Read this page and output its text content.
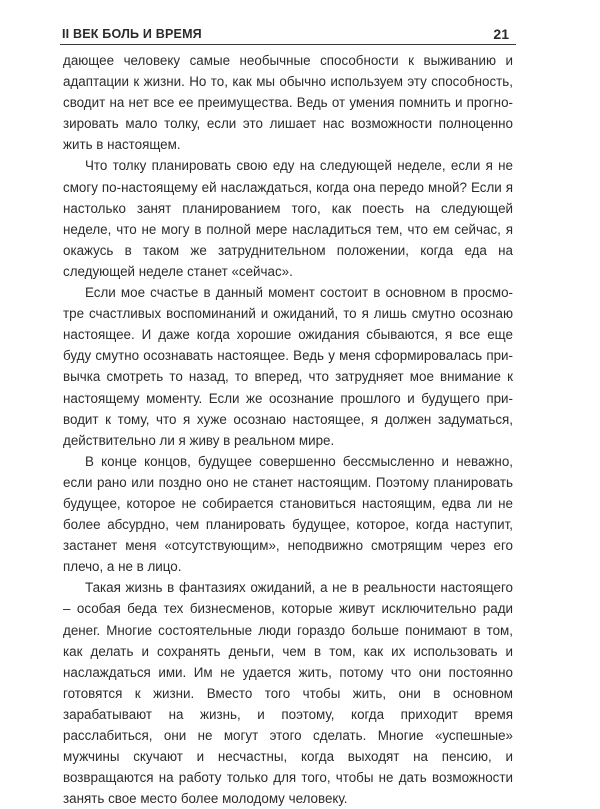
II ВЕК БОЛЬ И ВРЕМЯ	21

дающее человеку самые необычные способности к выживанию и адаптации к жизни. Но то, как мы обычно используем эту способность, сводит на нет все ее преимущества. Ведь от умения помнить и прогнозировать мало толку, если это лишает нас возможности полноценно жить в настоящем.

Что толку планировать свою еду на следующей неделе, если я не смогу по-настоящему ей наслаждаться, когда она передо мной? Если я настолько занят планированием того, как поесть на следующей неделе, что не могу в полной мере насладиться тем, что ем сейчас, я окажусь в таком же затруднительном положении, когда еда на следующей неделе станет «сейчас».

Если мое счастье в данный момент состоит в основном в просмотре счастливых воспоминаний и ожиданий, то я лишь смутно осознаю настоящее. И даже когда хорошие ожидания сбываются, я все еще буду смутно осознавать настоящее. Ведь у меня сформировалась привычка смотреть то назад, то вперед, что затрудняет мое внимание к настоящему моменту. Если же осознание прошлого и будущего приводит к тому, что я хуже осознаю настоящее, я должен задуматься, действительно ли я живу в реальном мире.

В конце концов, будущее совершенно бессмысленно и неважно, если рано или поздно оно не станет настоящим. Поэтому планировать будущее, которое не собирается становиться настоящим, едва ли не более абсурдно, чем планировать будущее, которое, когда наступит, застанет меня «отсутствующим», неподвижно смотрящим через его плечо, а не в лицо.

Такая жизнь в фантазиях ожиданий, а не в реальности настоящего – особая беда тех бизнесменов, которые живут исключительно ради денег. Многие состоятельные люди гораздо больше понимают в том, как делать и сохранять деньги, чем в том, как их использовать и наслаждаться ими. Им не удается жить, потому что они постоянно готовятся к жизни. Вместо того чтобы жить, они в основном зарабатывают на жизнь, и поэтому, когда приходит время расслабиться, они не могут этого сделать. Многие «успешные» мужчины скучают и несчастны, когда выходят на пенсию, и возвращаются на работу только для того, чтобы не дать возможности занять свое место более молодому человеку.
